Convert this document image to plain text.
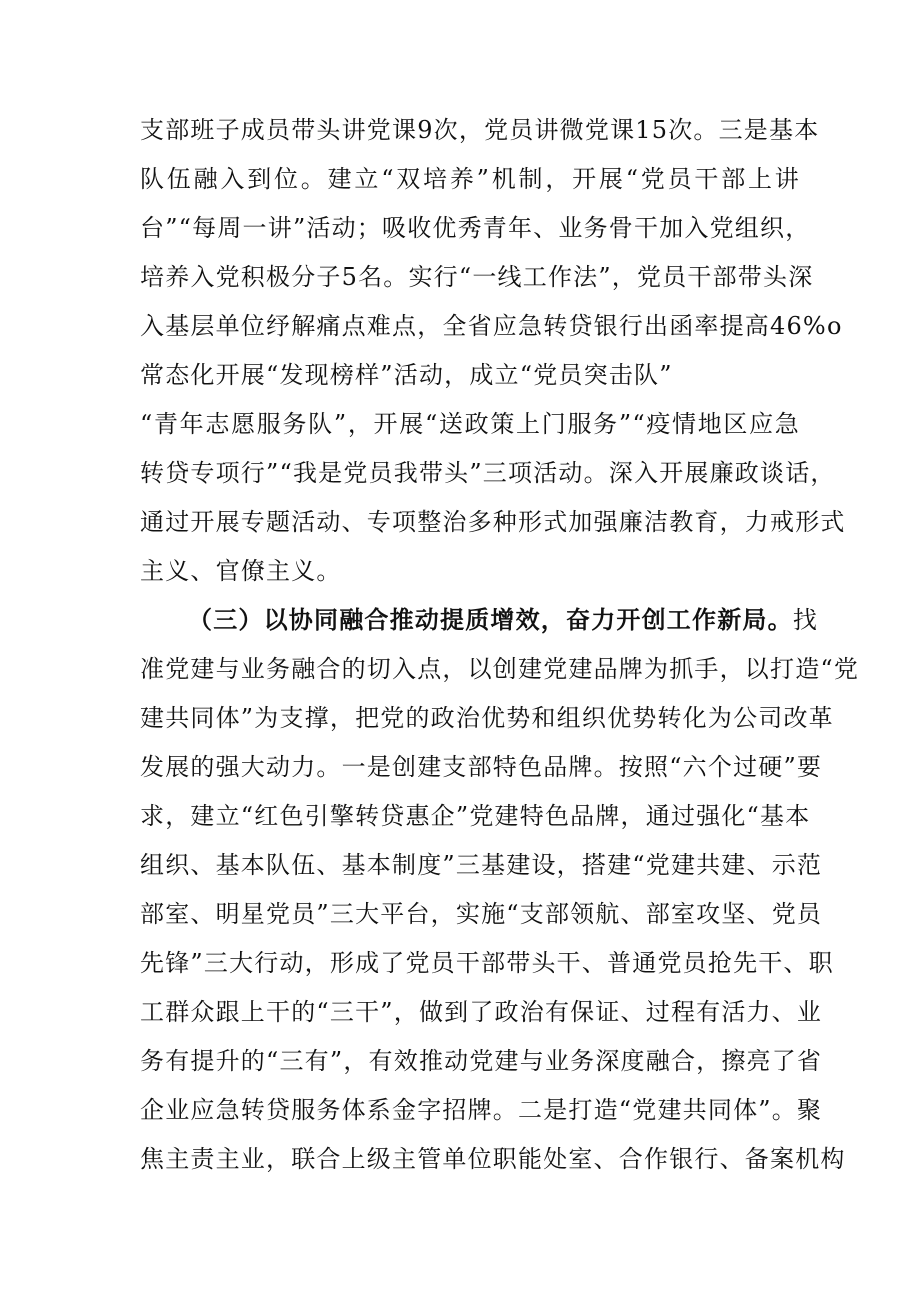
支部班子成员带头讲党课9次，党员讲微党课15次。三是基本
队伍融入到位。建立“双培养”机制，开展“党员干部上讲
台”“每周一讲”活动；吸收优秀青年、业务骨干加入党组织，
培养入党积极分子5名。实行“一线工作法”，党员干部带头深
入基层单位纾解痛点难点，全省应急转贷银行出函率提高46%o
常态化开展“发现榜样”活动，成立“党员突击队”
“青年志愿服务队”，开展“送政策上门服务”“疫情地区应急
转贷专项行”“我是党员我带头”三项活动。深入开展廉政谈话，
通过开展专题活动、专项整治多种形式加强廉洁教育，力戒形式
主义、官僚主义。
（三）以协同融合推动提质增效，奋力开创工作新局。找
准党建与业务融合的切入点，以创建党建品牌为抓手，以打造“党
建共同体”为支撑，把党的政治优势和组织优势转化为公司改革
发展的强大动力。一是创建支部特色品牌。按照“六个过硬”要
求，建立“红色引擎转贷惠企”党建特色品牌，通过强化“基本
组织、基本队伍、基本制度”三基建设，搭建“党建共建、示范
部室、明星党员”三大平台，实施“支部领航、部室攻坚、党员
先锋”三大行动，形成了党员干部带头干、普通党员抢先干、职
工群众跟上干的“三干”，做到了政治有保证、过程有活力、业
务有提升的“三有”，有效推动党建与业务深度融合，擦亮了省
企业应急转贷服务体系金字招牌。二是打造“党建共同体”。聚
焦主责主业，联合上级主管单位职能处室、合作银行、备案机构
